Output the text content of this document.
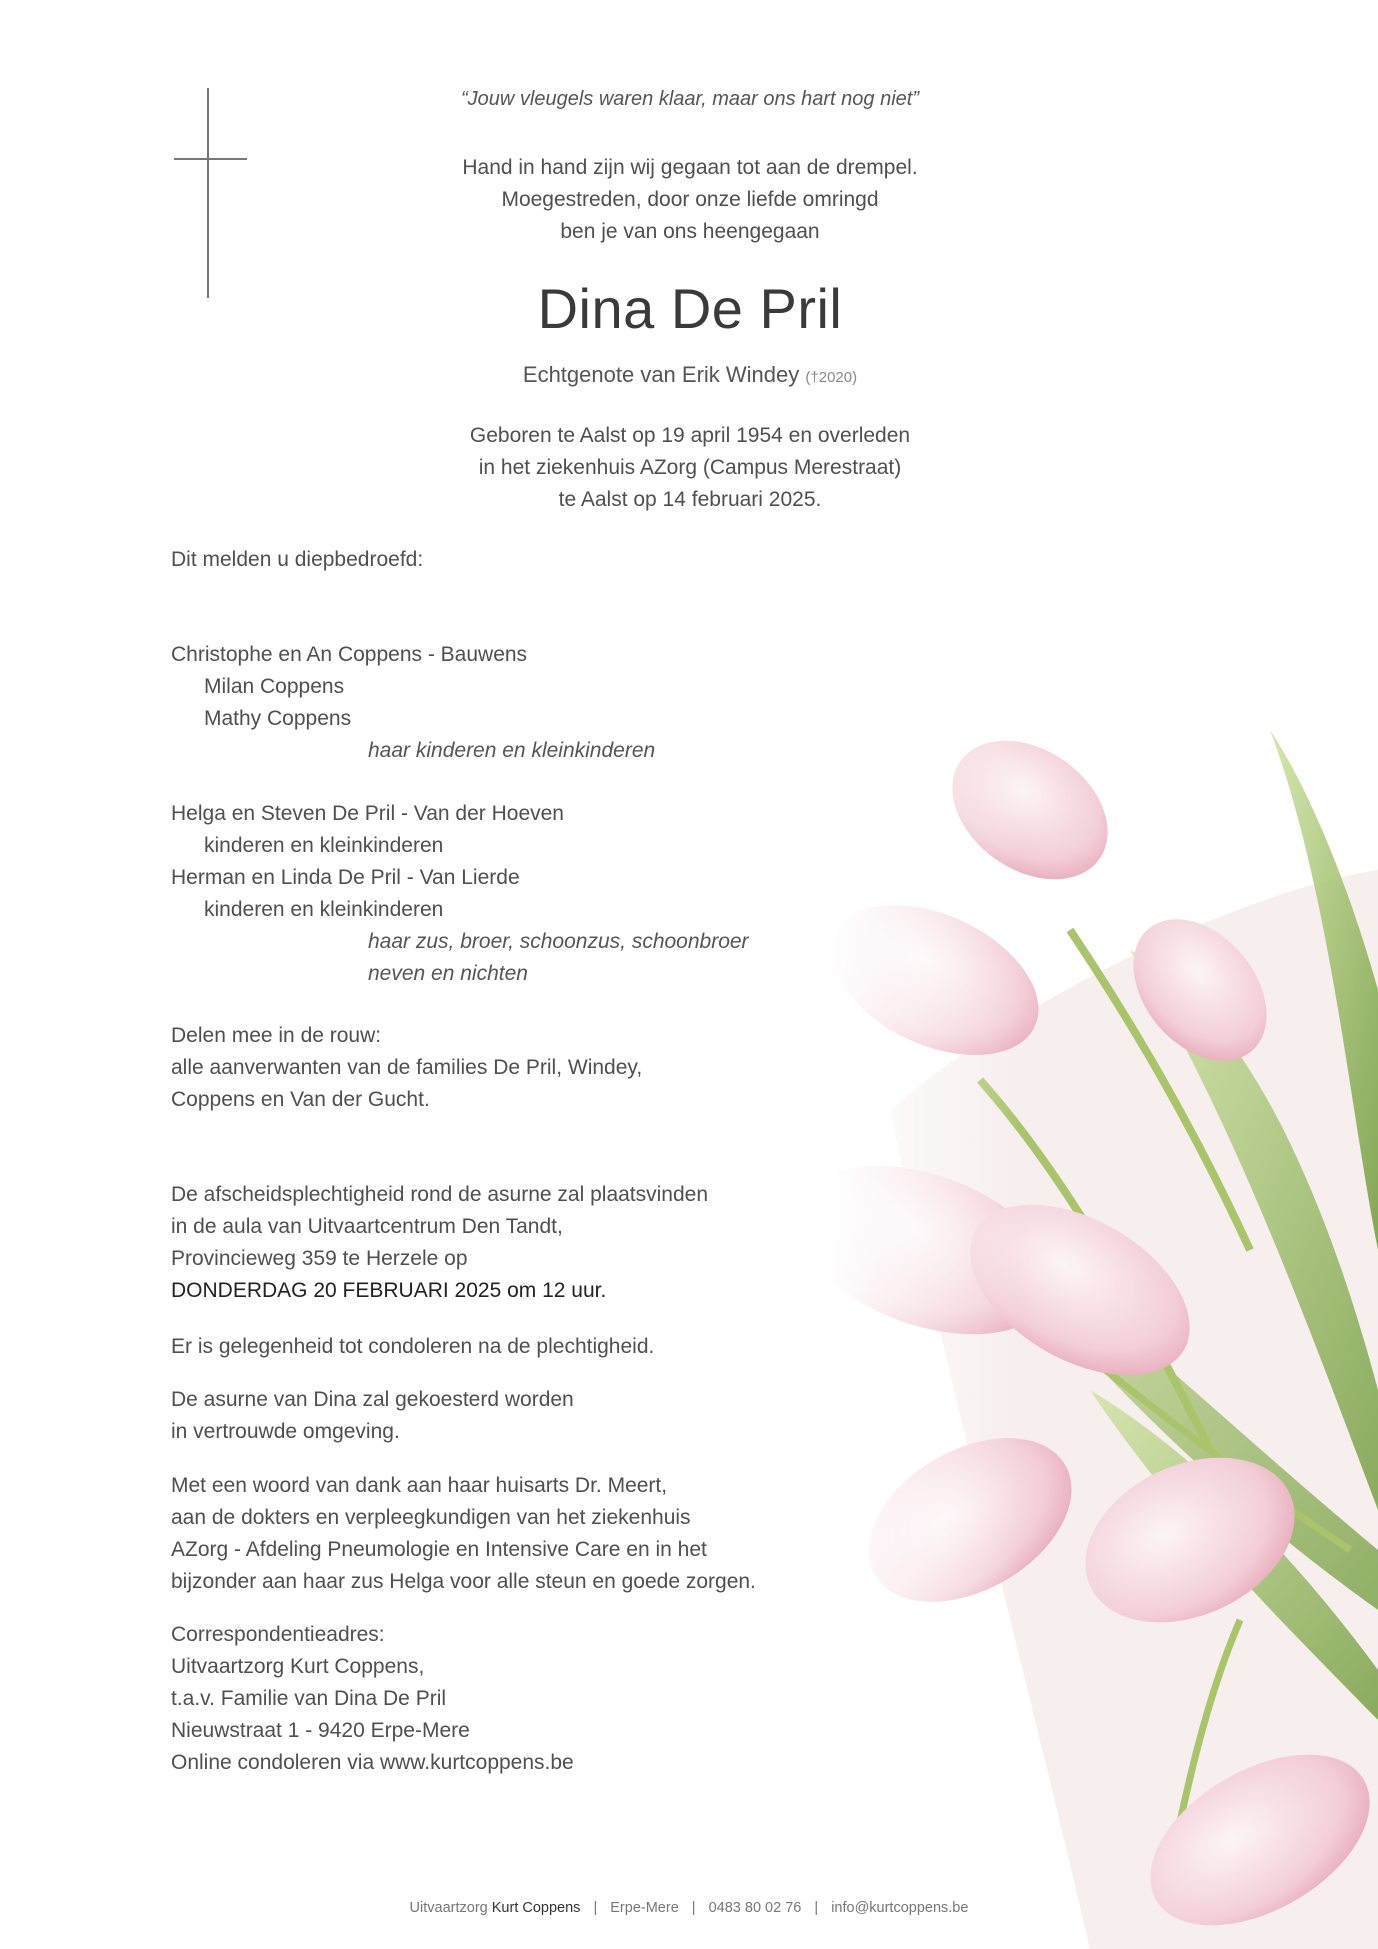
“Jouw vleugels waren klaar, maar ons hart nog niet”
Hand in hand zijn wij gegaan tot aan de drempel.
Moegestreden, door onze liefde omringd
ben je van ons heengegaan
Dina De Pril
Echtgenote van Erik Windey (†2020)
Geboren te Aalst op 19 april 1954 en overleden
in het ziekenhuis AZorg (Campus Merestraat)
te Aalst op 14 februari 2025.
Dit melden u diepbedroefd:
Christophe en An Coppens - Bauwens
Milan Coppens
Mathy Coppens
haar kinderen en kleinkinderen
Helga en Steven De Pril - Van der Hoeven
kinderen en kleinkinderen
Herman en Linda De Pril - Van Lierde
kinderen en kleinkinderen
haar zus, broer, schoonzus, schoonbroer
neven en nichten
Delen mee in de rouw:
alle aanverwanten van de families De Pril, Windey,
Coppens en Van der Gucht.
De afscheidsplechtigheid rond de asurne zal plaatsvinden
in de aula van Uitvaartcentrum Den Tandt,
Provincieweg 359 te Herzele op
DONDERDAG 20 FEBRUARI 2025 om 12 uur.
Er is gelegenheid tot condoleren na de plechtigheid.
De asurne van Dina zal gekoesterd worden
in vertrouwde omgeving.
Met een woord van dank aan haar huisarts Dr. Meert,
aan de dokters en verpleegkundigen van het ziekenhuis
AZorg - Afdeling Pneumologie en Intensive Care en in het
bijzonder aan haar zus Helga voor alle steun en goede zorgen.
Correspondentieadres:
Uitvaartzorg Kurt Coppens,
t.a.v. Familie van Dina De Pril
Nieuwstraat 1 - 9420 Erpe-Mere
Online condoleren via www.kurtcoppens.be
Uitvaartzorg Kurt Coppens | Erpe-Mere | 0483 80 02 76 | info@kurtcoppens.be
